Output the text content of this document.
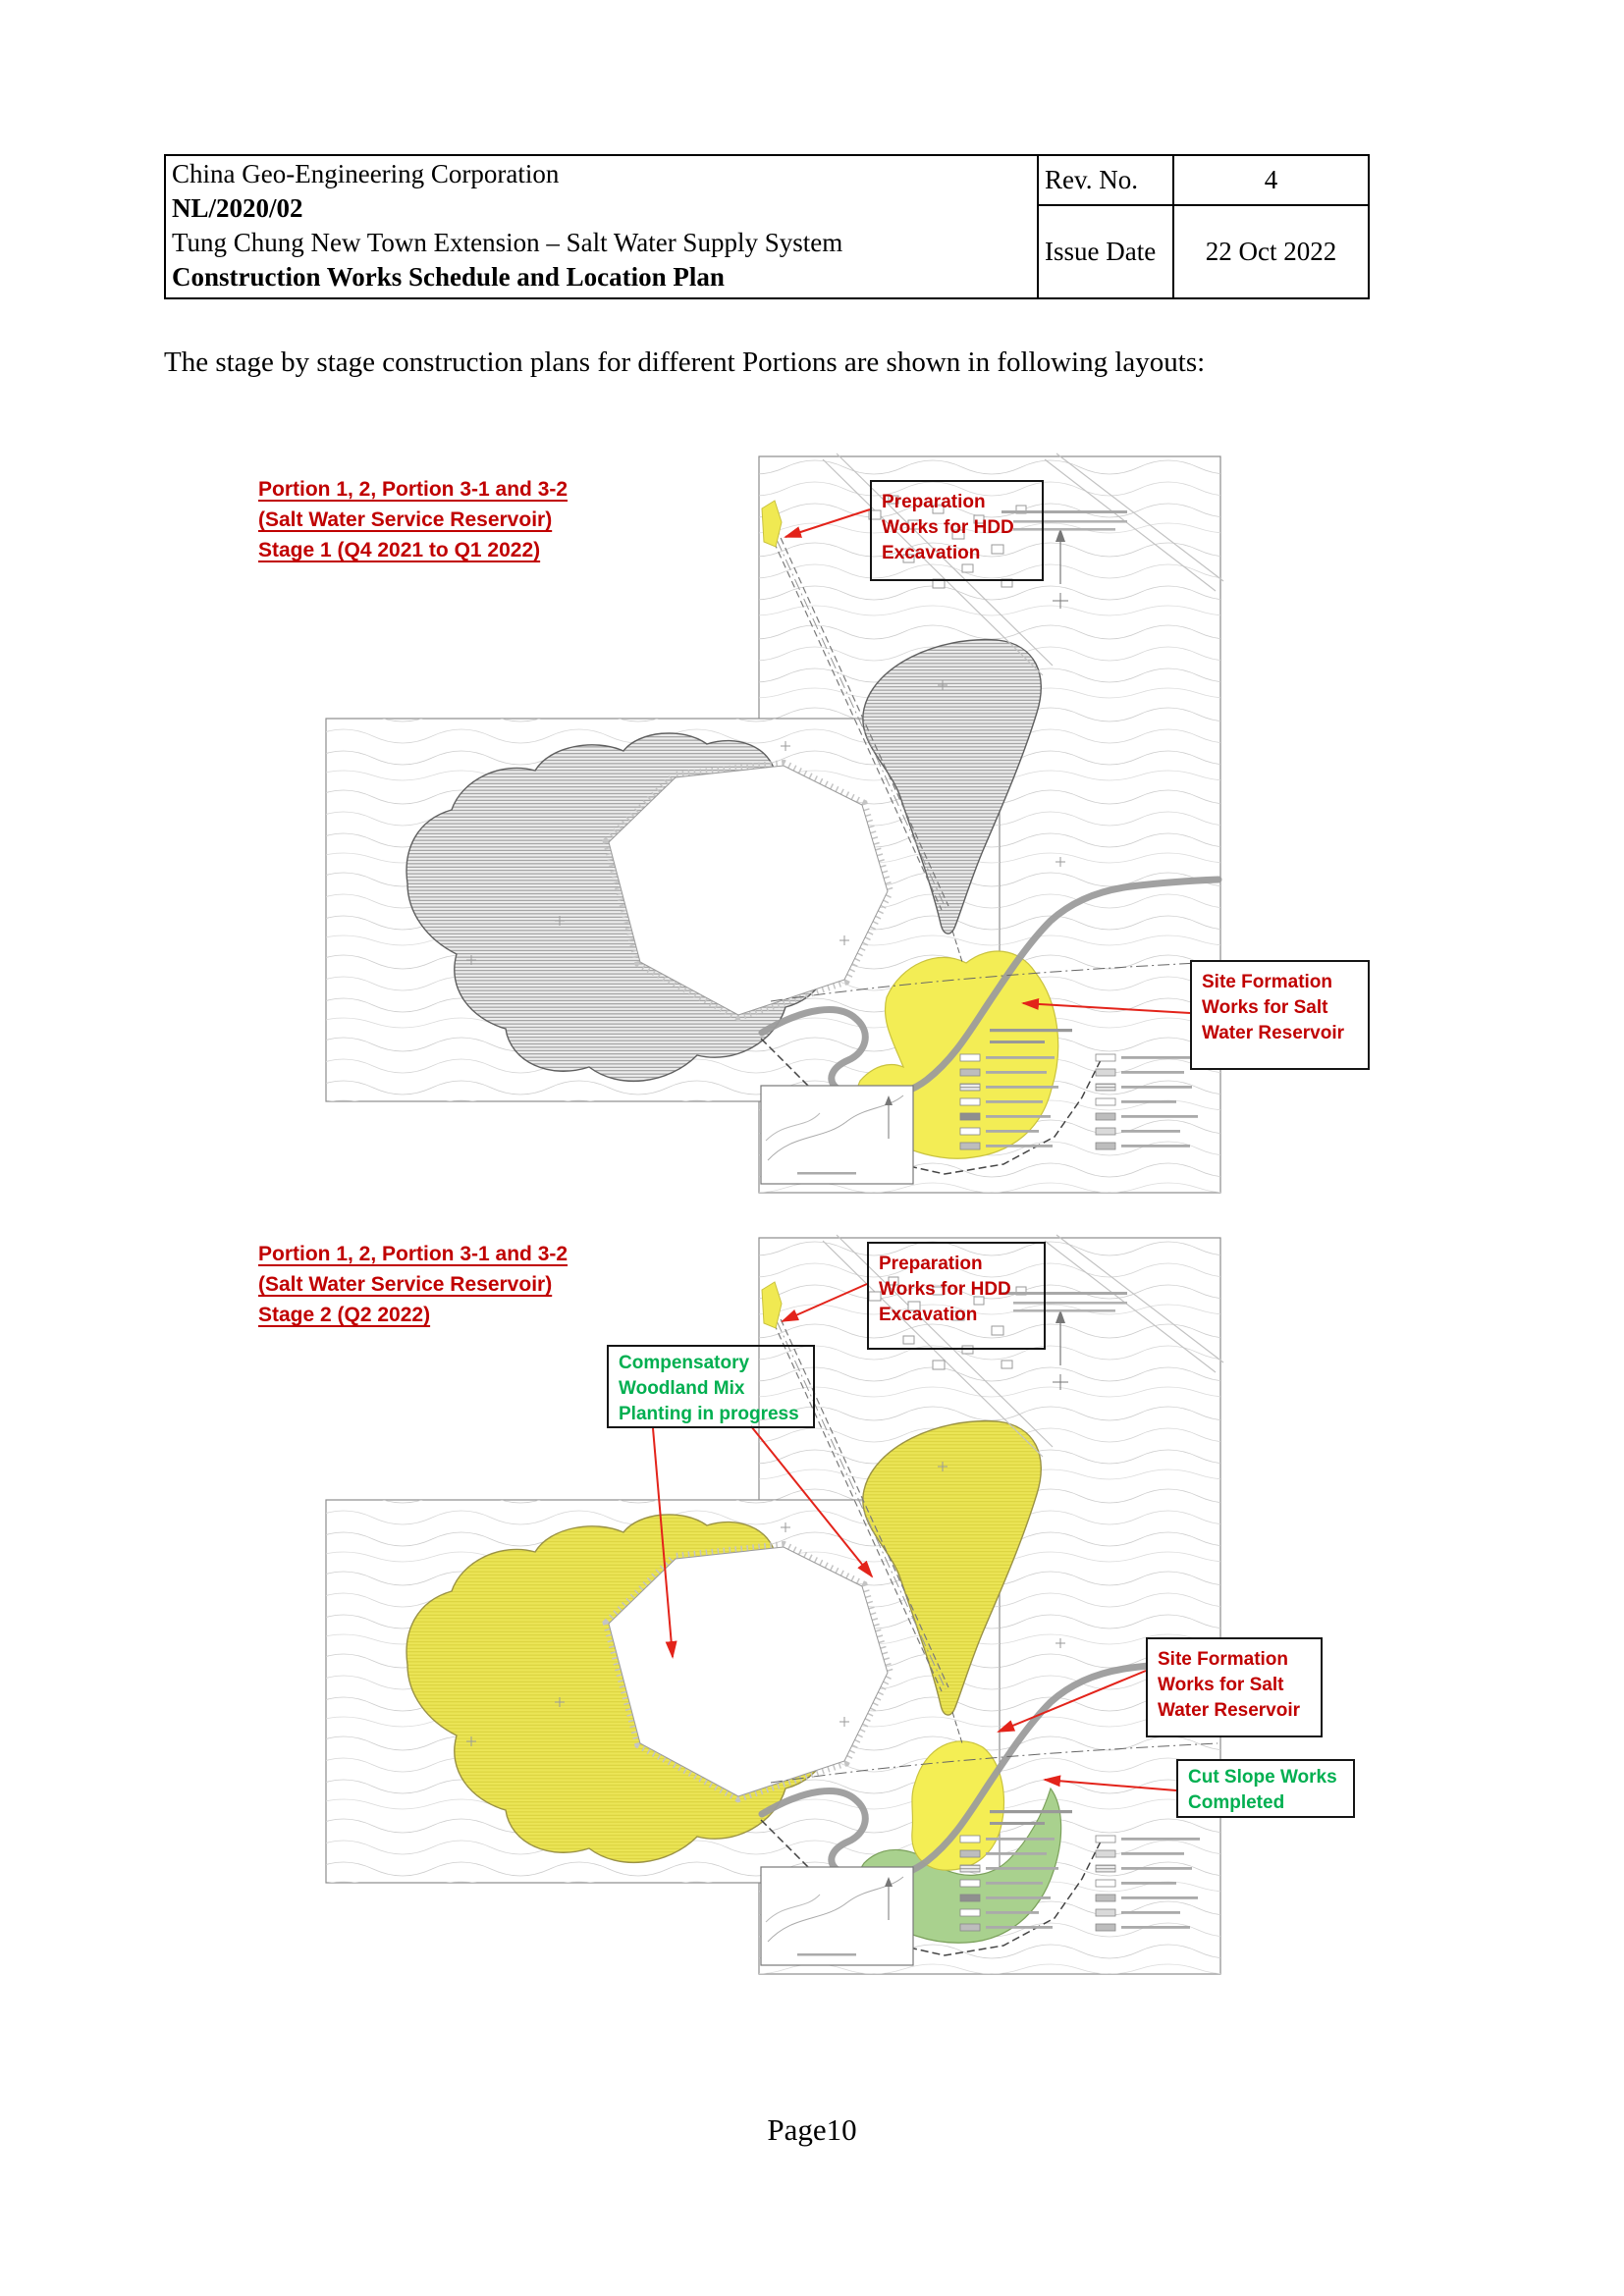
China Geo-Engineering Corporation
NL/2020/02
Tung Chung New Town Extension – Salt Water Supply System
Construction Works Schedule and Location Plan
Rev. No.	4
Issue Date	22 Oct 2022
The stage by stage construction plans for different Portions are shown in following layouts:
Portion 1, 2, Portion 3-1 and 3-2
(Salt Water Service Reservoir)
Stage 1 (Q4 2021 to Q1 2022)
Preparation Works for HDD Excavation
Site Formation Works for Salt Water Reservoir
Portion 1, 2, Portion 3-1 and 3-2
(Salt Water Service Reservoir)
Stage 2 (Q2 2022)
Preparation Works for HDD Excavation
Compensatory Woodland Mix Planting in progress
Site Formation Works for Salt Water Reservoir
Cut Slope Works Completed
Page10
